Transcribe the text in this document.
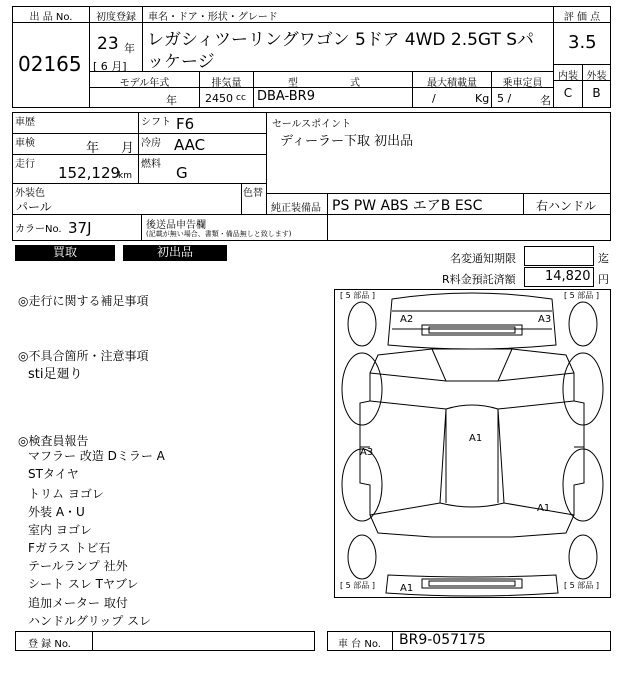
出 品 No.
02165
初度登録
23 年
[ 6 月]
車名・ドア・形状・グレード
レガシィツーリングワゴン 5ドア 4WD 2.5GT Sパ
ッケージ
評 価 点
3.5
内装 外装
C	B
モデル年式
年
排気量
2450 cc
型	式
DBA-BR9
最大積載量
/	Kg
乗車定員
5 /	名
車歴
車検	年 月
走行 152,129
km
シフト F6
冷房 AAC
燃料 G
セールスポイント
ディーラー下取 初出品
外装色
パール
色替
純正装備品 PS PW ABS エアB ESC	右ハンドル
カラーNo. 37J	後送品申告欄
(記載が無い場合、書類・備品無しと致します)
買取	初出品	名変通知期限	迄
R料金預託済額 14,820 円
◎走行に関する補足事項
◎不具合箇所・注意事項
sti足廻り
◎検査員報告
マフラー 改造 Dミラー A
STタイヤ
トリム ヨゴレ
外装 A・U
室内 ヨゴレ
Fガラス トビ石
テールランプ 社外
シート スレ Tヤブレ
追加メーター 取付
ハンドルグリップ スレ
[ 5 部品 ]	[ 5 部品 ]
[ 5 部品 ]	[ 5 部品 ]
A2	A3
A1
A3
A1
A1
登 録 No.	車 台 No. BR9-057175
